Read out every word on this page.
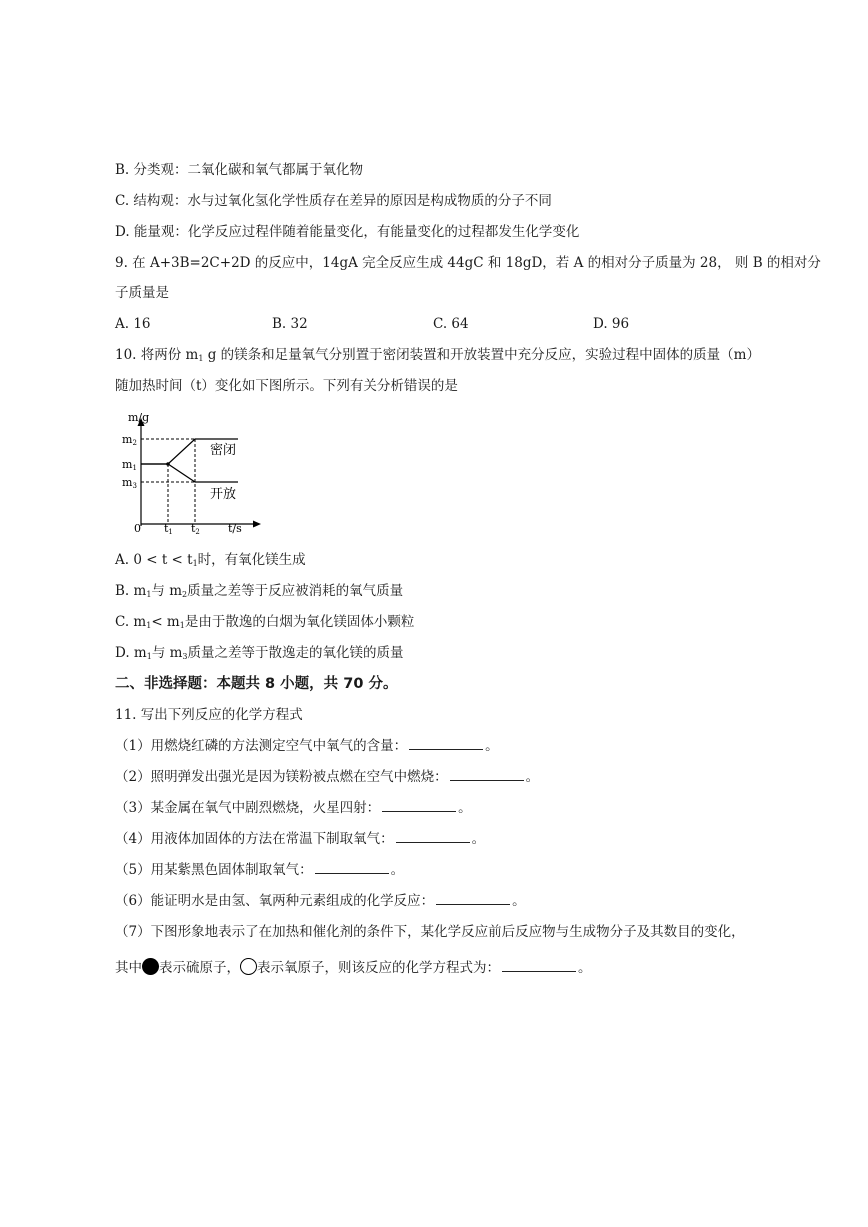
B. 分类观：二氧化碳和氧气都属于氧化物
C. 结构观：水与过氧化氢化学性质存在差异的原因是构成物质的分子不同
D. 能量观：化学反应过程伴随着能量变化，有能量变化的过程都发生化学变化
9. 在 A+3B=2C+2D 的反应中，14gA 完全反应生成 44gC 和 18gD，若 A 的相对分子质量为 28， 则 B 的相对分
子质量是
A. 16	B. 32	C. 64	D. 96
10. 将两份 $m_1$ g 的镁条和足量氧气分别置于密闭装置和开放装置中充分反应，实验过程中固体的质量（m）
随加热时间（t）变化如下图所示。下列有关分析错误的是
m/g
t/s
0
m2
m1
m3
t1 t2
密闭
开放
A. $0 < t < t_1$时，有氧化镁生成
B. $m_1$与 $m_2$质量之差等于反应被消耗的氧气质量
C. $m_1< m_1$是由于散逸的白烟为氧化镁固体小颗粒
D. $m_1$与 $m_3$质量之差等于散逸走的氧化镁的质量
二、非选择题：本题共 8 小题，共 70 分。
11. 写出下列反应的化学方程式
（1）用燃烧红磷的方法测定空气中氧气的含量：	。
（2）照明弹发出强光是因为镁粉被点燃在空气中燃烧：	。
（3）某金属在氧气中剧烈燃烧，火星四射：	。
（4）用液体加固体的方法在常温下制取氧气：	。
（5）用某紫黑色固体制取氧气：	。
（6）能证明水是由氢、氧两种元素组成的化学反应：	。
（7）下图形象地表示了在加热和催化剂的条件下，某化学反应前后反应物与生成物分子及其数目的变化，
其中 表示硫原子， 表示氧原子，则该反应的化学方程式为：	。
